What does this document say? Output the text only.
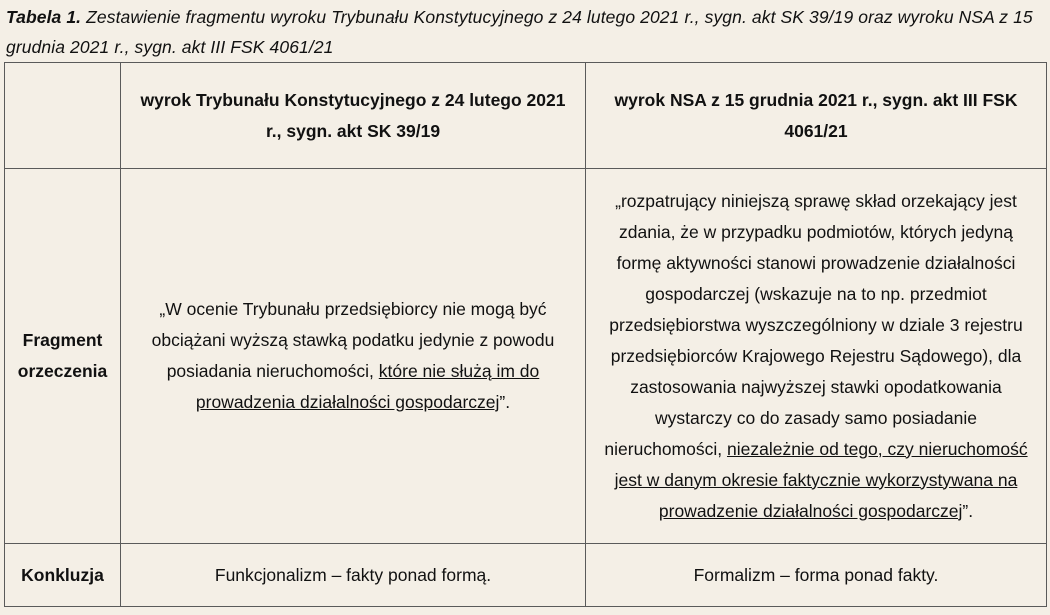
Tabela 1. Zestawienie fragmentu wyroku Trybunału Konstytucyjnego z 24 lutego 2021 r., sygn. akt SK 39/19 oraz wyroku NSA z 15 grudnia 2021 r., sygn. akt III FSK 4061/21
	wyrok Trybunału Konstytucyjnego z 24 lutego 2021 r., sygn. akt SK 39/19	wyrok NSA z 15 grudnia 2021 r., sygn. akt III FSK 4061/21
Fragment orzeczenia	„W ocenie Trybunału przedsiębiorcy nie mogą być obciążani wyższą stawką podatku jedynie z powodu posiadania nieruchomości, które nie służą im do prowadzenia działalności gospodarczej”.	„rozpatrujący niniejszą sprawę skład orzekający jest zdania, że w przypadku podmiotów, których jedyną formę aktywności stanowi prowadzenie działalności gospodarczej (wskazuje na to np. przedmiot przedsiębiorstwa wyszczególniony w dziale 3 rejestru przedsiębiorców Krajowego Rejestru Sądowego), dla zastosowania najwyższej stawki opodatkowania wystarczy co do zasady samo posiadanie nieruchomości, niezależnie od tego, czy nieruchomość jest w danym okresie faktycznie wykorzystywana na prowadzenie działalności gospodarczej”.
Konkluzja	Funkcjonalizm – fakty ponad formą.	Formalizm – forma ponad fakty.
